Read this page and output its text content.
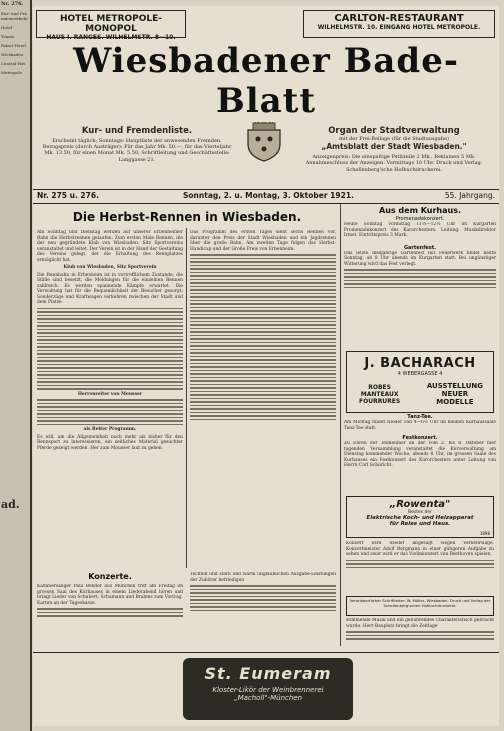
Nr. 276.
Kur- und Fremdenverkehr
Hotel
Tennis
Palast-Hotel
Wiesbaden
Central-Hot.
Metropole
ad.
HOTEL METROPOLE-MONOPOL
HAUS I. RANGES. WILHELMSTR. 8—10.
CARLTON-RESTAURANT
WILHELMSTR. 10. EINGANG HOTEL METROPOLE.
Wiesbadener Bade-Blatt
Kur- und Fremdenliste.
Erscheint täglich; Sonntags: Hauptliste der anwesenden Fremden. Bezugspreis (durch Austräger): Für das Jahr Mk. 50.—, für das Vierteljahr Mk. 13.50, für einen Monat Mk. 5.50; Schriftleitung und Geschäftsstelle: Langgasse 21.
Organ der Stadtverwaltung
mit der Frei-Beilage (für die Stadtausgabe)
„Amtsblatt der Stadt Wiesbaden."
Anzeigenpreis: Die einspaltige Petitzeile 2 Mk., Reklamen 5 Mk. Annahmeschluss der Anzeigen: Vormittags 10 Uhr. Druck und Verlag: Schellenberg'sche Hofbuchdruckerei.
Nr. 275 u. 276.	Sonntag, 2. u. Montag, 3. Oktober 1921.	55. Jahrgang.
Die Herbst-Rennen in Wiesbaden.
Am Sonntag und Dienstag werden auf unserer Erbenheimer Bahn die Herbstrennen gelaufen. Zum ersten Male Rennen, die der neu gegründete Klub von Wiesbaden, Sitz Sportvereins veranstaltet und leitet. Der Verein ist in der Hand der Gestaltung des Vereins gelegt, der die Erhaltung des Rennplatzes ermöglicht hat.
Klub von Wiesbaden, Sitz Sportverein
Die Rennbahn in Erbenheim ist in vortrefflichem Zustande; die Ställe sind besetzt, die Meldungen für die einzelnen Rennen zahlreich. Es werden spannende Kämpfe erwartet. Die Verwaltung hat für die Bequemlichkeit der Besucher gesorgt; Sonderzüge und Kraftwagen verkehren zwischen der Stadt und dem Platze.
Herrenreiter von Mousser
als Reiter Programm.
Es will, um die Allgemeinheit noch mehr als bisher für den Rennsport zu interessieren, ein zeitliches Material gesuchter Pferde gezeigt werden. Her zum Mousser laut zu gehen.
Das Programm des ersten Tages sieht sechs Rennen vor, darunter den Preis der Stadt Wiesbaden und ein Jagdrennen über die große Bahn. Am zweiten Tage folgen das Herbst-Handicap und der Große Preis von Erbenheim.
Konzerte.
Kammersänger Paul Bender aus München tritt am Freitag im grossen Saal des Kurhauses in einem Liederabend hören und bringt Lieder von Schubert, Schumann und Brahms zum Vortrag. Karten an der Tageskasse.
Technik und stark und warm unglaublichen Ausgabe-Leistungen der Zuhörer befriedigen
Aus dem Kurhaus.
Promenadekonzert.
Heute Sonntag vormittag 11½—12½ Uhr im Kurgarten Promenadekonzert des Kurorchesters. Leitung: Musikdirektor Irmer. Eintrittspreis 3 Mark.
Gartenfest.
Das letzte diesjährige Gartenfest mit Feuerwerk findet heute Sonntag, ab 8 Uhr abends im Kurgarten statt. Bei ungünstiger Witterung wird das Fest verlegt.
J. BACHARACH
4 WEBERGASSE 4
ROBES
MANTEAUX
FOURRURES
AUSSTELLUNG
NEUER
MODELLE
Tanz-Tee.
Am Montag findet wieder von 4—6½ Uhr im kleinen Kurhaussaale Tanz-Tee statt.
Festkonzert.
Zu Ehren der Teilnehmer an der vom 2. bis 8. Oktober hier tagenden Versammlung veranstaltet die Kurverwaltung am Dienstag kommender Woche, abends 8 Uhr, im grossen Saale des Kurhauses ein Festkonzert des Kurorchesters unter Leitung von Herrn Carl Schuricht.
„Rowenta"
Bestes der
Elektrische Koch- und Heizapparat
für Reise und Haus.
1898
Konzert wird wieder abgesagt wegen Verkehrslage. Konzertmeister Adolf Bergmann in einer gütigeren Aufgabe zu sehen und zwar wird er das Violinkonzert von Beethoven spielen.
Verantwortlicher Schriftleiter: W. Müller, Wiesbaden. Druck und Verlag der Schellenberg'schen Hofbuchdruckerei.
stimmende Musik und ein gebührendes Charakteristisch gebracht wurde. Herr Bauplatz bringt die Zeitlage
St. Eumeram
Kloster-Likör der Weinbrennerei
„Macholl"-München
